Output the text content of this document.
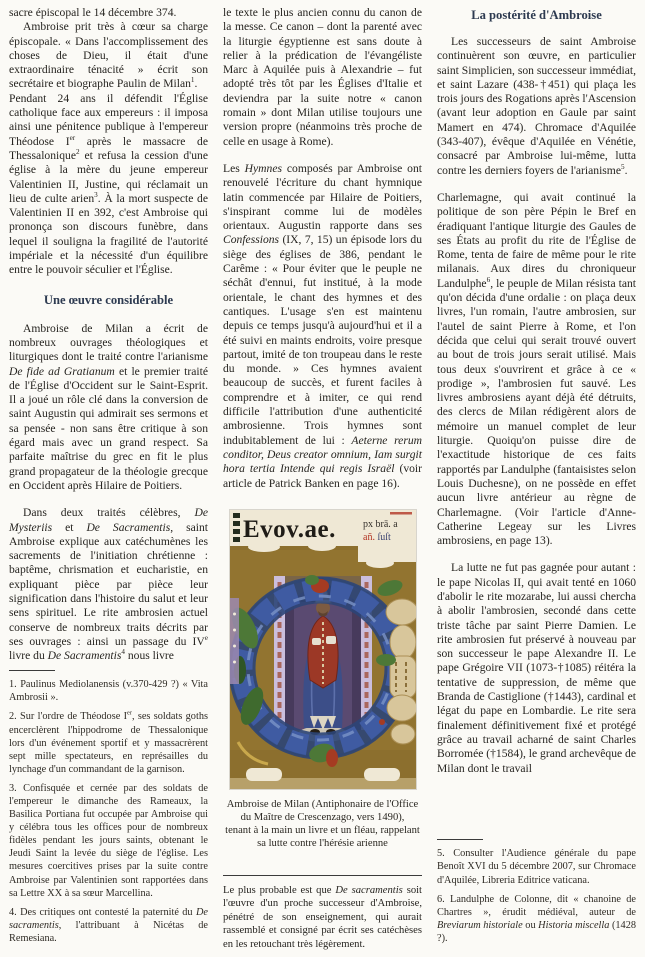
sacre épiscopal le 14 décembre 374.

Ambroise prit très à cœur sa charge épiscopale. « Dans l'accomplissement des choses de Dieu, il était d'une extraordinaire ténacité » écrit son secrétaire et biographe Paulin de Milan$^1$.

Pendant 24 ans il défendit l'Église catholique face aux empereurs : il imposa ainsi une pénitence publique à l'empereur Théodose Ier après le massacre de Thessalonique$^2$ et refusa la cession d'une église à la mère du jeune empereur Valentinien II, Justine, qui réclamait un lieu de culte arien$^3$. À la mort suspecte de Valentinien II en 392, c'est Ambroise qui prononça son discours funèbre, dans lequel il souligna la fragilité de l'autorité impériale et la nécessité d'un équilibre entre le pouvoir séculier et l'Église.

Une œuvre considérable

Ambroise de Milan a écrit de nombreux ouvrages théologiques et liturgiques dont le traité contre l'arianisme De fide ad Gratianum et le premier traité de l'Église d'Occident sur le Saint-Esprit. Il a joué un rôle clé dans la conversion de saint Augustin qui admirait ses sermons et sa pensée - non sans être critique à son égard mais avec un grand respect. Sa parfaite maîtrise du grec en fit le plus grand propagateur de la théologie grecque en Occident après Hilaire de Poitiers.

Dans deux traités célèbres, De Mysteriis et De Sacramentis, saint Ambroise explique aux catéchumènes les sacrements de l'initiation chrétienne : baptême, chrismation et eucharistie, en expliquant pièce par pièce leur signification dans l'histoire du salut et leur sens spirituel. Le rite ambrosien actuel conserve de nombreux traits décrits par ses ouvrages : ainsi un passage du IVe livre du De Sacramentis$^4$ nous livre

1. Paulinus Mediolanensis (v.370-429 ?) « Vita Ambrosii ».

2. Sur l'ordre de Théodose Ier, ses soldats goths encerclèrent l'hippodrome de Thessalonique lors d'un événement sportif et y massacrèrent sept mille spectateurs, en représailles du lynchage d'un commandant de la garnison.

3. Confisquée et cernée par des soldats de l'empereur le dimanche des Rameaux, la Basilica Portiana fut occupée par Ambroise qui y célébra tous les offices pour de nombreux fidèles pendant les jours saints, obtenant le Jeudi Saint la levée du siège de l'église. Les mesures coercitives prises par la suite contre Ambroise par Valentinien sont rapportées dans sa Lettre XX à sa sœur Marcellina.

4. Des critiques ont contesté la paternité du De sacramentis, l'attribuant à Nicétas de Remesiana.

le texte le plus ancien connu du canon de la messe. Ce canon – dont la parenté avec la liturgie égyptienne est sans doute à relier à la prédication de l'évangéliste Marc à Aquilée puis à Alexandrie – fut adopté très tôt par les Églises d'Italie et deviendra par la suite notre « canon romain » dont Milan utilise toujours une version propre (néanmoins très proche de celle en usage à Rome).

Les Hymnes composés par Ambroise ont renouvelé l'écriture du chant hymnique latin commencée par Hilaire de Poitiers, s'inspirant comme lui de modèles orientaux. Augustin rapporte dans ses Confessions (IX, 7, 15) un épisode lors du siège des églises de 386, pendant le Carême : « Pour éviter que le peuple ne séchât d'ennui, fut institué, à la mode orientale, le chant des hymnes et des cantiques. L'usage s'en est maintenu depuis ce temps jusqu'à aujourd'hui et il a été suivi en maints endroits, voire presque partout, imité de ton troupeau dans le reste du monde. » Ces hymnes avaient beaucoup de succès, et furent faciles à comprendre et à imiter, ce qui rend difficile l'attribution d'une authenticité ambrosienne. Trois hymnes sont indubitablement de lui : Aeterne rerum conditor, Deus creator omnium, Iam surgit hora tertia Intende qui regis Israël (voir article de Patrick Banken en page 16).

Evov.ae.	px brā. a
añ. ſuſt
Ambroise de Milan (Antiphonaire de l'Office
du Maître de Crescenzago, vers 1490),
tenant à la main un livre et un fléau, rappelant
sa lutte contre l'hérésie arienne

Le plus probable est que De sacramentis soit l'œuvre d'un proche successeur d'Ambroise, pénétré de son enseignement, qui aurait rassemblé et consigné par écrit ses catéchèses en les retouchant très légèrement.

La postérité d'Ambroise

Les successeurs de saint Ambroise continuèrent son œuvre, en particulier saint Simplicien, son successeur immédiat, et saint Lazare (438-†451) qui plaça les trois jours des Rogations après l'Ascension (avant leur adoption en Gaule par saint Mamert en 474). Chromace d'Aquilée (343-407), évêque d'Aquilée en Vénétie, consacré par Ambroise lui-même, lutta contre les derniers foyers de l'arianisme$^5$.

Charlemagne, qui avait continué la politique de son père Pépin le Bref en éradiquant l'antique liturgie des Gaules de ses États au profit du rite de l'Église de Rome, tenta de faire de même pour le rite milanais. Aux dires du chroniqueur Landulphe$^6$, le peuple de Milan résista tant qu'on décida d'une ordalie : on plaça deux livres, l'un romain, l'autre ambrosien, sur l'autel de saint Pierre à Rome, et l'on décida que celui qui serait trouvé ouvert au bout de trois jours serait utilisé. Mais tous deux s'ouvrirent et grâce à ce « prodige », l'ambrosien fut sauvé. Les livres ambrosiens ayant déjà été détruits, des clercs de Milan rédigèrent alors de mémoire un manuel complet de leur liturgie. Quoiqu'on puisse dire de l'exactitude historique de ces faits rapportés par Landulphe (fantaisistes selon Louis Duchesne), on ne possède en effet aucun livre antérieur au règne de Charlemagne. (Voir l'article d'Anne-Catherine Legeay sur les Livres ambrosiens, en page 13).

La lutte ne fut pas gagnée pour autant : le pape Nicolas II, qui avait tenté en 1060 d'abolir le rite mozarabe, lui aussi chercha à abolir l'ambrosien, secondé dans cette triste tâche par saint Pierre Damien. Le rite ambrosien fut préservé à nouveau par son successeur le pape Alexandre II. Le pape Grégoire VII (1073-†1085) réitéra la tentative de suppression, de même que Branda de Castiglione (†1443), cardinal et légat du pape en Lombardie. Le rite sera finalement définitivement fixé et protégé grâce au travail acharné de saint Charles Borromée (†1584), le grand archevêque de Milan dont le travail

5. Consulter l'Audience générale du pape Benoît XVI du 5 décembre 2007, sur Chromace d'Aquilée, Libreria Editrice vaticana.

6. Landulphe de Colonne, dit « chanoine de Chartres », érudit médiéval, auteur de Breviarum historiale ou Historia miscella (1428 ?).
